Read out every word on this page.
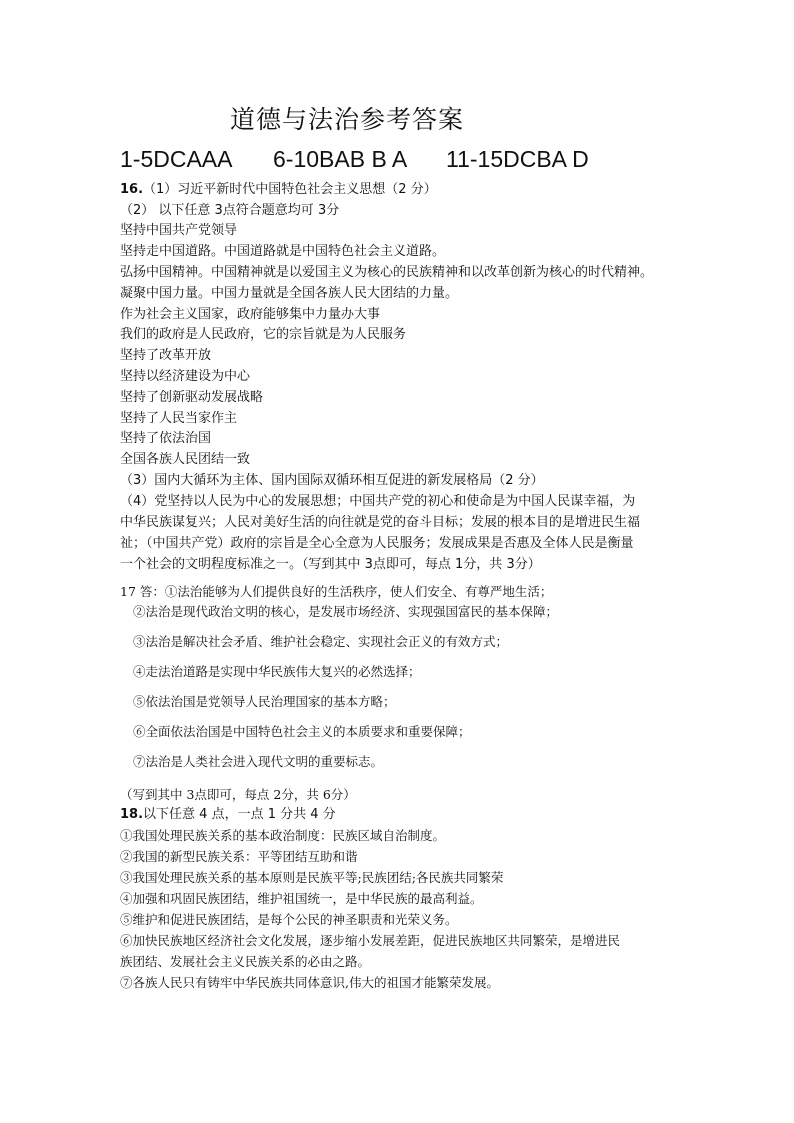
道德与法治参考答案
1-5DCAAA 6-10BAB B A 11-15DCBA D
16.（1）习近平新时代中国特色社会主义思想（2 分）
（2） 以下任意 3点符合题意均可 3分
坚持中国共产党领导
坚持走中国道路。中国道路就是中国特色社会主义道路。
弘扬中国精神。中国精神就是以爱国主义为核心的民族精神和以改革创新为核心的时代精神。
凝聚中国力量。中国力量就是全国各族人民大团结的力量。
作为社会主义国家，政府能够集中力量办大事
我们的政府是人民政府，它的宗旨就是为人民服务
坚持了改革开放
坚持以经济建设为中心
坚持了创新驱动发展战略
坚持了人民当家作主
坚持了依法治国
全国各族人民团结一致
（3）国内大循环为主体、国内国际双循环相互促进的新发展格局（2 分）
（4）党坚持以人民为中心的发展思想；中国共产党的初心和使命是为中国人民谋幸福，为
中华民族谋复兴；人民对美好生活的向往就是党的奋斗目标；发展的根本目的是增进民生福
祉；（中国共产党）政府的宗旨是全心全意为人民服务；发展成果是否惠及全体人民是衡量
一个社会的文明程度标准之一。（写到其中 3点即可，每点 1分，共 3分）
17 答：①法治能够为人们提供良好的生活秩序，使人们安全、有尊严地生活；
②法治是现代政治文明的核心，是发展市场经济、实现强国富民的基本保障；
③法治是解决社会矛盾、维护社会稳定、实现社会正义的有效方式；
④走法治道路是实现中华民族伟大复兴的必然选择；
⑤依法治国是党领导人民治理国家的基本方略；
⑥全面依法治国是中国特色社会主义的本质要求和重要保障；
⑦法治是人类社会进入现代文明的重要标志。
（写到其中 3点即可，每点 2分，共 6分）
18.以下任意 4 点，一点 1 分共 4 分
①我国处理民族关系的基本政治制度：民族区域自治制度。
②我国的新型民族关系：平等团结互助和谐
③我国处理民族关系的基本原则是民族平等;民族团结;各民族共同繁荣
④加强和巩固民族团结，维护祖国统一，是中华民族的最高利益。
⑤维护和促进民族团结，是每个公民的神圣职责和光荣义务。
⑥加快民族地区经济社会文化发展，逐步缩小发展差距，促进民族地区共同繁荣，是增进民
族团结、发展社会主义民族关系的必由之路。
⑦各族人民只有铸牢中华民族共同体意识,伟大的祖国才能繁荣发展。
